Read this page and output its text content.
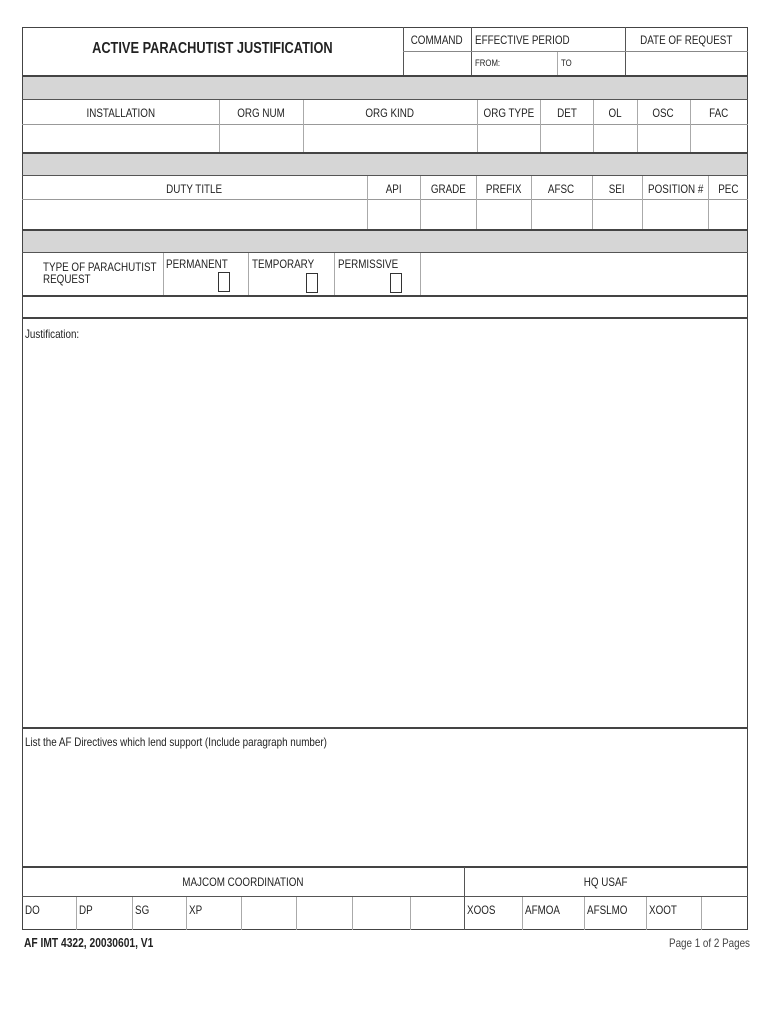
ACTIVE PARACHUTIST JUSTIFICATION	COMMAND	EFFECTIVE PERIOD	DATE OF REQUEST
FROM:	TO
INSTALLATION	ORG NUM	ORG KIND	ORG TYPE	DET	OL	OSC	FAC
DUTY TITLE	API	GRADE	PREFIX	AFSC	SEI	POSITION #	PEC
TYPE OF PARACHUTIST
REQUEST
PERMANENT TEMPORARY PERMISSIVE
Justification:
List the AF Directives which lend support (Include paragraph number)
MAJCOM COORDINATION	HQ USAF
DO	DP	SG	XP	XOOS AFMOA AFSLMO XOOT
AF IMT 4322, 20030601, V1	Page 1 of 2 Pages
